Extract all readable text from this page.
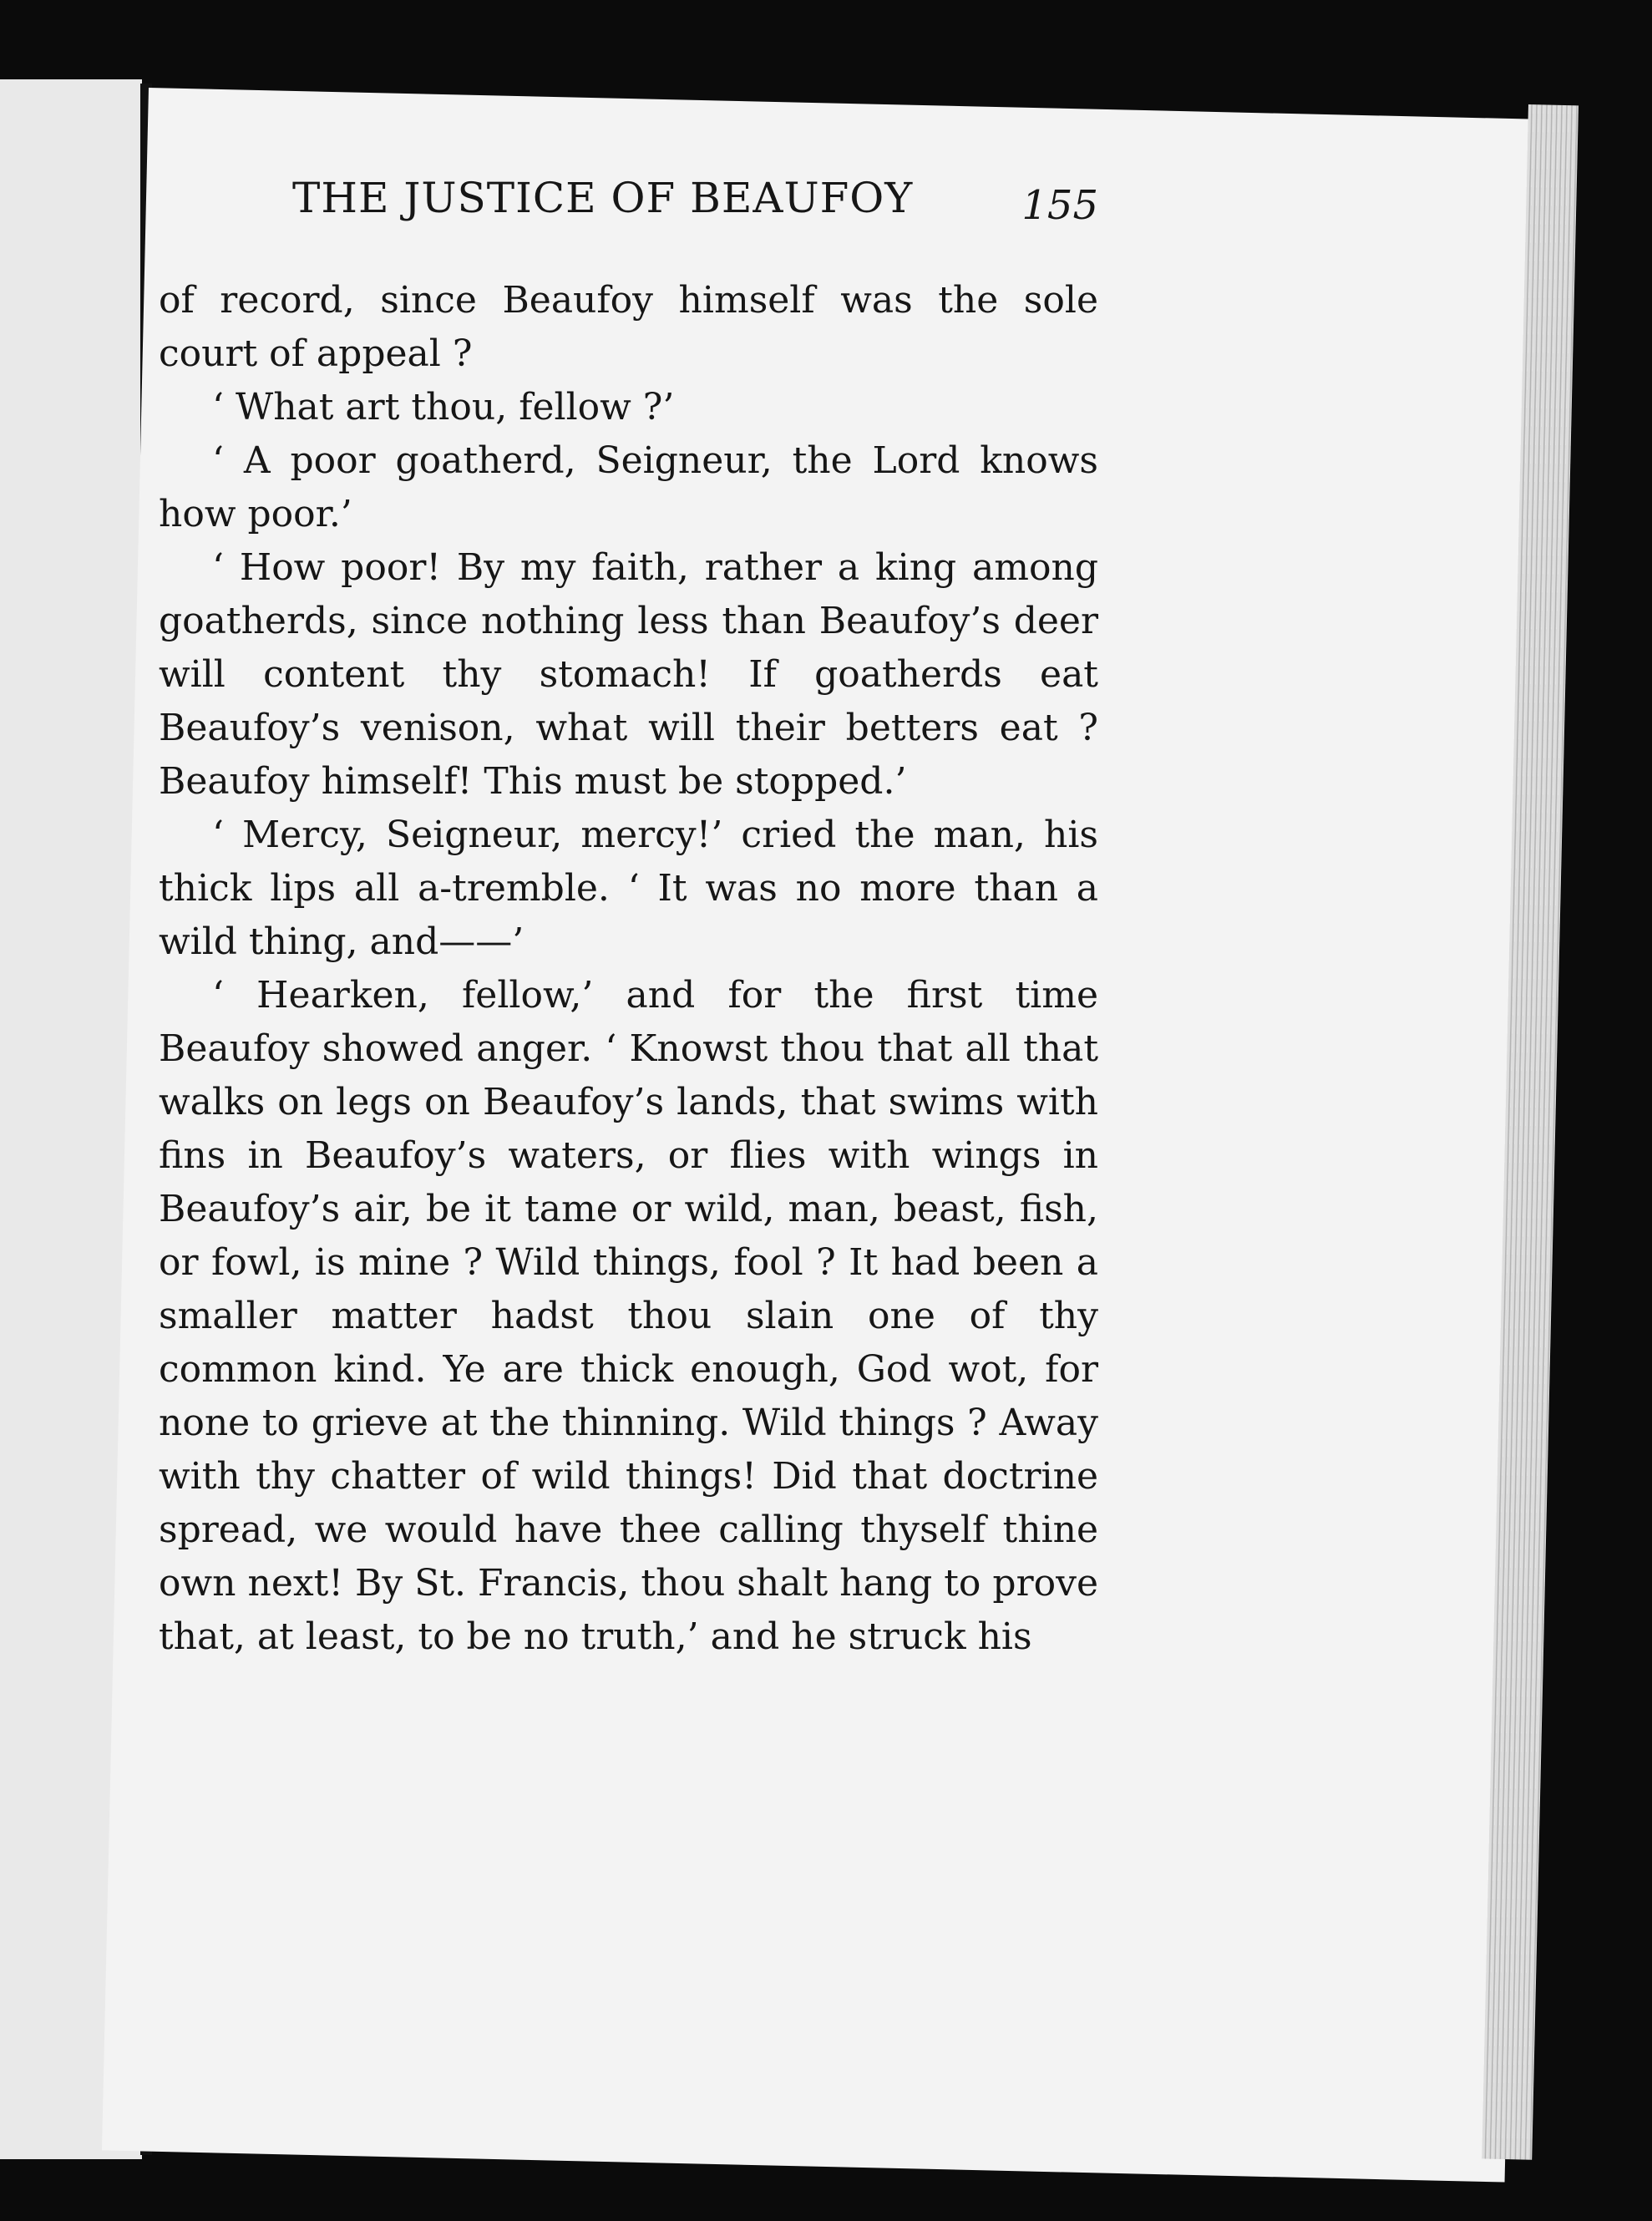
THE JUSTICE OF BEAUFOY	155

of record, since Beaufoy himself was the sole court of appeal ?

‘ What art thou, fellow ?’

‘ A poor goatherd, Seigneur, the Lord knows how poor.’

‘ How poor! By my faith, rather a king among goatherds, since nothing less than Beaufoy’s deer will content thy stomach! If goatherds eat Beaufoy’s venison, what will their betters eat ? Beaufoy himself! This must be stopped.’

‘ Mercy, Seigneur, mercy!’ cried the man, his thick lips all a-tremble. ‘ It was no more than a wild thing, and——’

‘ Hearken, fellow,’ and for the first time Beaufoy showed anger. ‘ Knowst thou that all that walks on legs on Beaufoy’s lands, that swims with fins in Beaufoy’s waters, or flies with wings in Beaufoy’s air, be it tame or wild, man, beast, fish, or fowl, is mine ? Wild things, fool ? It had been a smaller matter hadst thou slain one of thy common kind. Ye are thick enough, God wot, for none to grieve at the thinning. Wild things ? Away with thy chatter of wild things! Did that doctrine spread, we would have thee calling thyself thine own next! By St. Francis, thou shalt hang to prove that, at least, to be no truth,’ and he struck his
